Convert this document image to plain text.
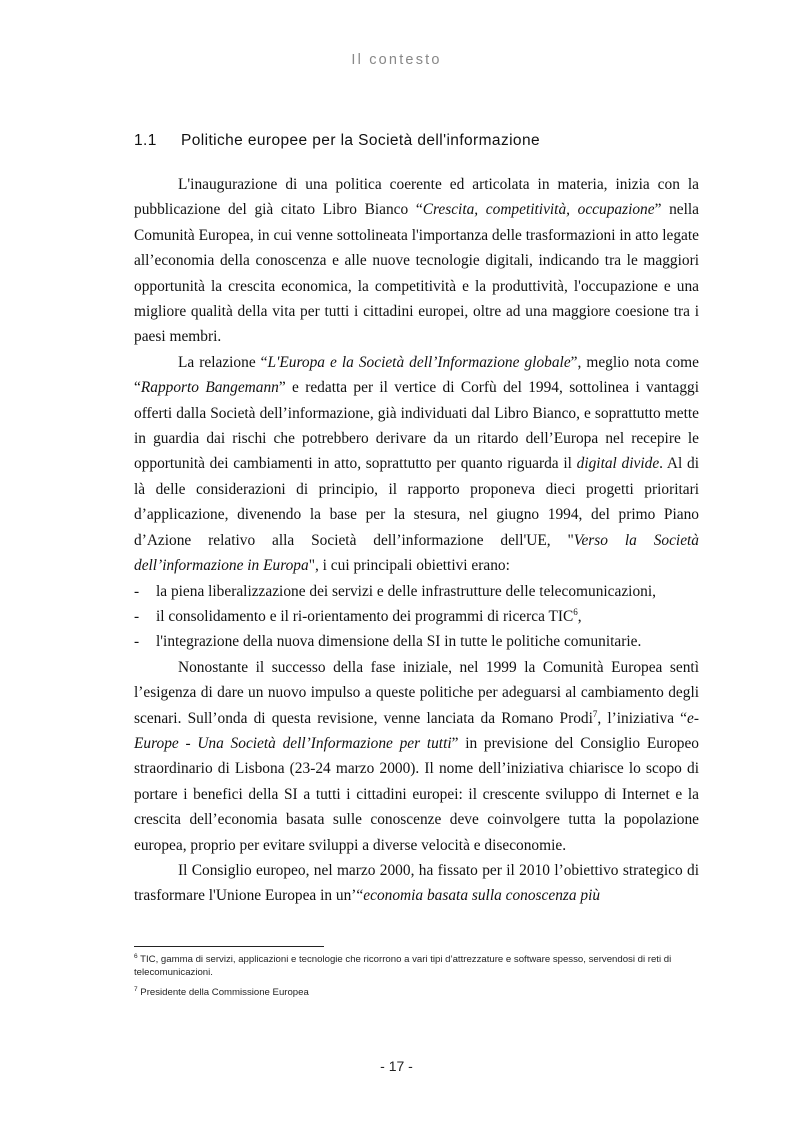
Il contesto
1.1 Politiche europee per la Società dell'informazione

L'inaugurazione di una politica coerente ed articolata in materia, inizia con la pubblicazione del già citato Libro Bianco “Crescita, competitività, occupazione” nella Comunità Europea, in cui venne sottolineata l'importanza delle trasformazioni in atto legate all’economia della conoscenza e alle nuove tecnologie digitali, indicando tra le maggiori opportunità la crescita economica, la competitività e la produttività, l'occupazione e una migliore qualità della vita per tutti i cittadini europei, oltre ad una maggiore coesione tra i paesi membri.

La relazione “L'Europa e la Società dell’Informazione globale”, meglio nota come “Rapporto Bangemann” e redatta per il vertice di Corfù del 1994, sottolinea i vantaggi offerti dalla Società dell’informazione, già individuati dal Libro Bianco, e soprattutto mette in guardia dai rischi che potrebbero derivare da un ritardo dell’Europa nel recepire le opportunità dei cambiamenti in atto, soprattutto per quanto riguarda il digital divide. Al di là delle considerazioni di principio, il rapporto proponeva dieci progetti prioritari d’applicazione, divenendo la base per la stesura, nel giugno 1994, del primo Piano d’Azione relativo alla Società dell’informazione dell'UE, "Verso la Società dell’informazione in Europa", i cui principali obiettivi erano:

- la piena liberalizzazione dei servizi e delle infrastrutture delle telecomunicazioni,
- il consolidamento e il ri-orientamento dei programmi di ricerca TIC$^6$,
- l'integrazione della nuova dimensione della SI in tutte le politiche comunitarie.

Nonostante il successo della fase iniziale, nel 1999 la Comunità Europea sentì l’esigenza di dare un nuovo impulso a queste politiche per adeguarsi al cambiamento degli scenari. Sull’onda di questa revisione, venne lanciata da Romano Prodi$^7$, l’iniziativa “e-Europe - Una Società dell’Informazione per tutti” in previsione del Consiglio Europeo straordinario di Lisbona (23-24 marzo 2000). Il nome dell’iniziativa chiarisce lo scopo di portare i benefici della SI a tutti i cittadini europei: il crescente sviluppo di Internet e la crescita dell’economia basata sulle conoscenze deve coinvolgere tutta la popolazione europea, proprio per evitare sviluppi a diverse velocità e diseconomie.

Il Consiglio europeo, nel marzo 2000, ha fissato per il 2010 l’obiettivo strategico di trasformare l'Unione Europea in un’“economia basata sulla conoscenza più

$^6$ TIC, gamma di servizi, applicazioni e tecnologie che ricorrono a vari tipi d’attrezzature e software spesso, servendosi di reti di telecomunicazioni.

$^7$ Presidente della Commissione Europea

- 17 -
